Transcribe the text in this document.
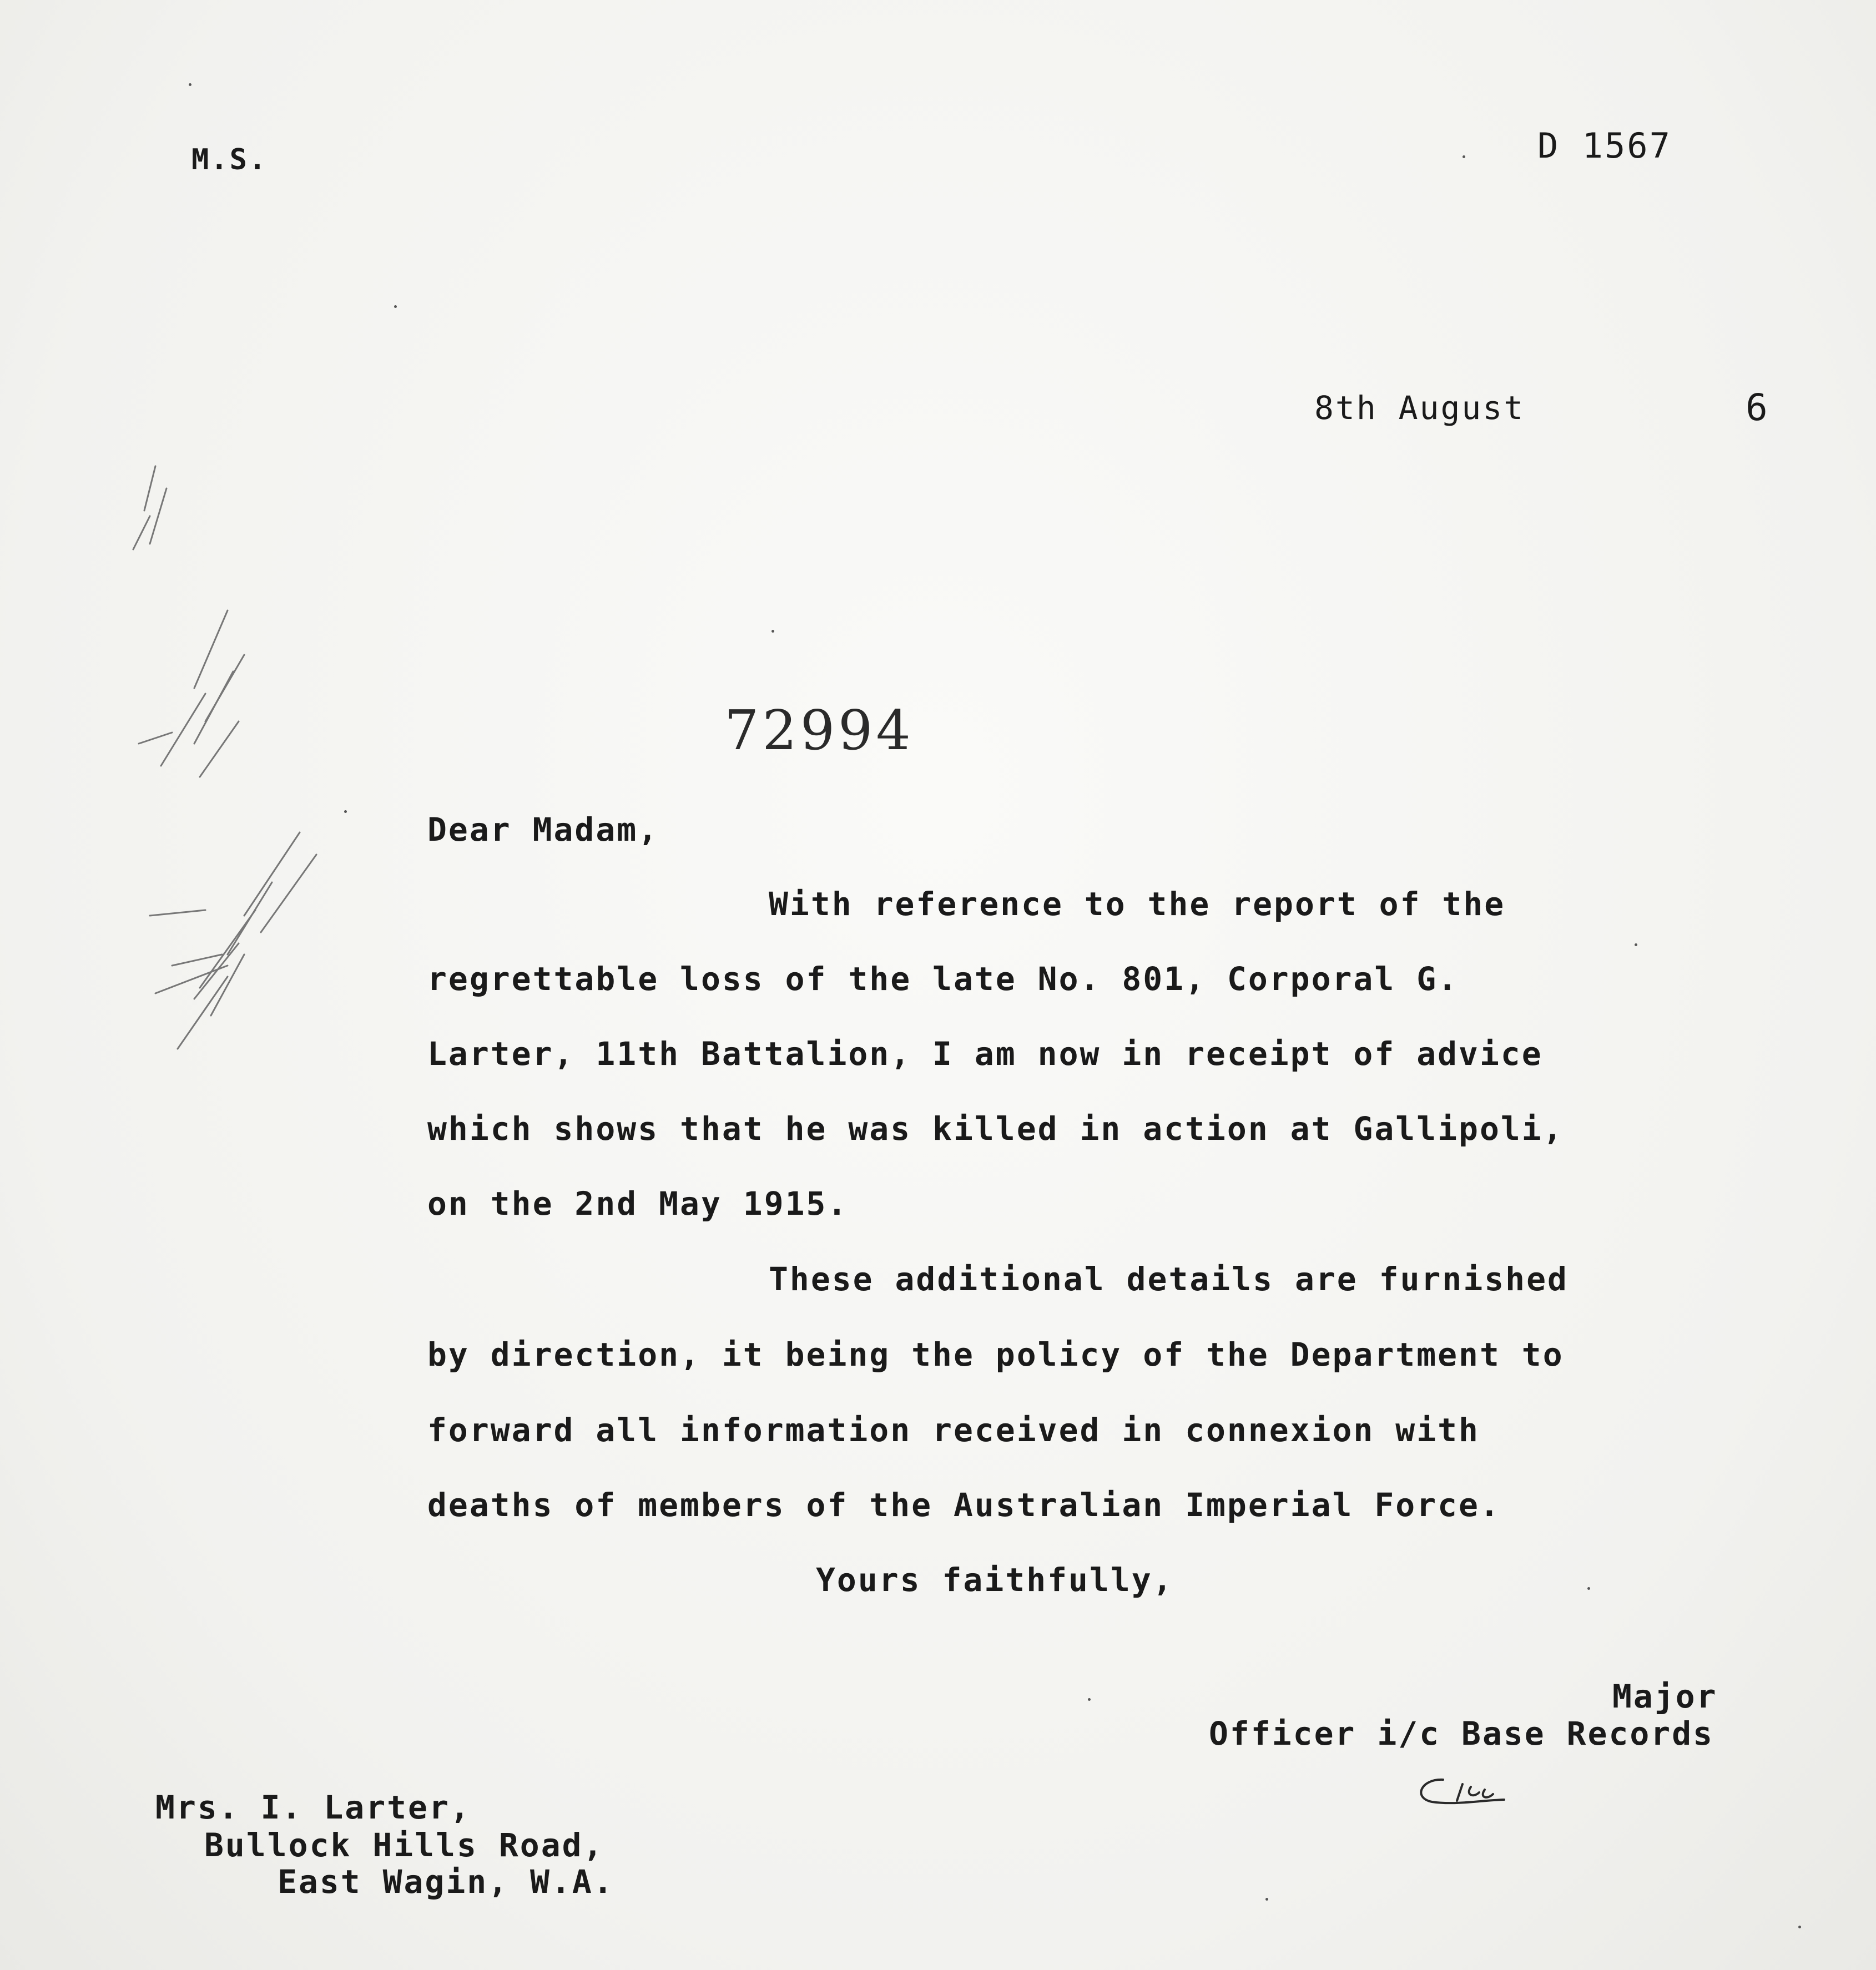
M.S.	D 1567
8th August	6
72994
Dear Madam,
With reference to the report of the
regrettable loss of the late No. 801, Corporal G.
Larter, 11th Battalion, I am now in receipt of advice
which shows that he was killed in action at Gallipoli,
on the 2nd May 1915.
These additional details are furnished
by direction, it being the policy of the Department to
forward all information received in connexion with
deaths of members of the Australian Imperial Force.
Yours faithfully,
Major
Officer i/c Base Records
Mrs. I. Larter,
Bullock Hills Road,
East Wagin, W.A.
